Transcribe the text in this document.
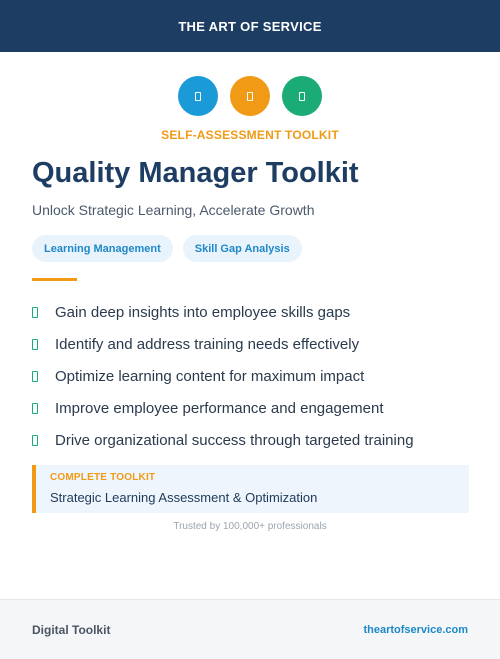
THE ART OF SERVICE
SELF-ASSESSMENT TOOLKIT
Quality Manager Toolkit
Unlock Strategic Learning, Accelerate Growth
Learning Management	Skill Gap Analysis
Gain deep insights into employee skills gaps
Identify and address training needs effectively
Optimize learning content for maximum impact
Improve employee performance and engagement
Drive organizational success through targeted training
COMPLETE TOOLKIT
Strategic Learning Assessment & Optimization
Trusted by 100,000+ professionals
Digital Toolkit	theartofservice.com
